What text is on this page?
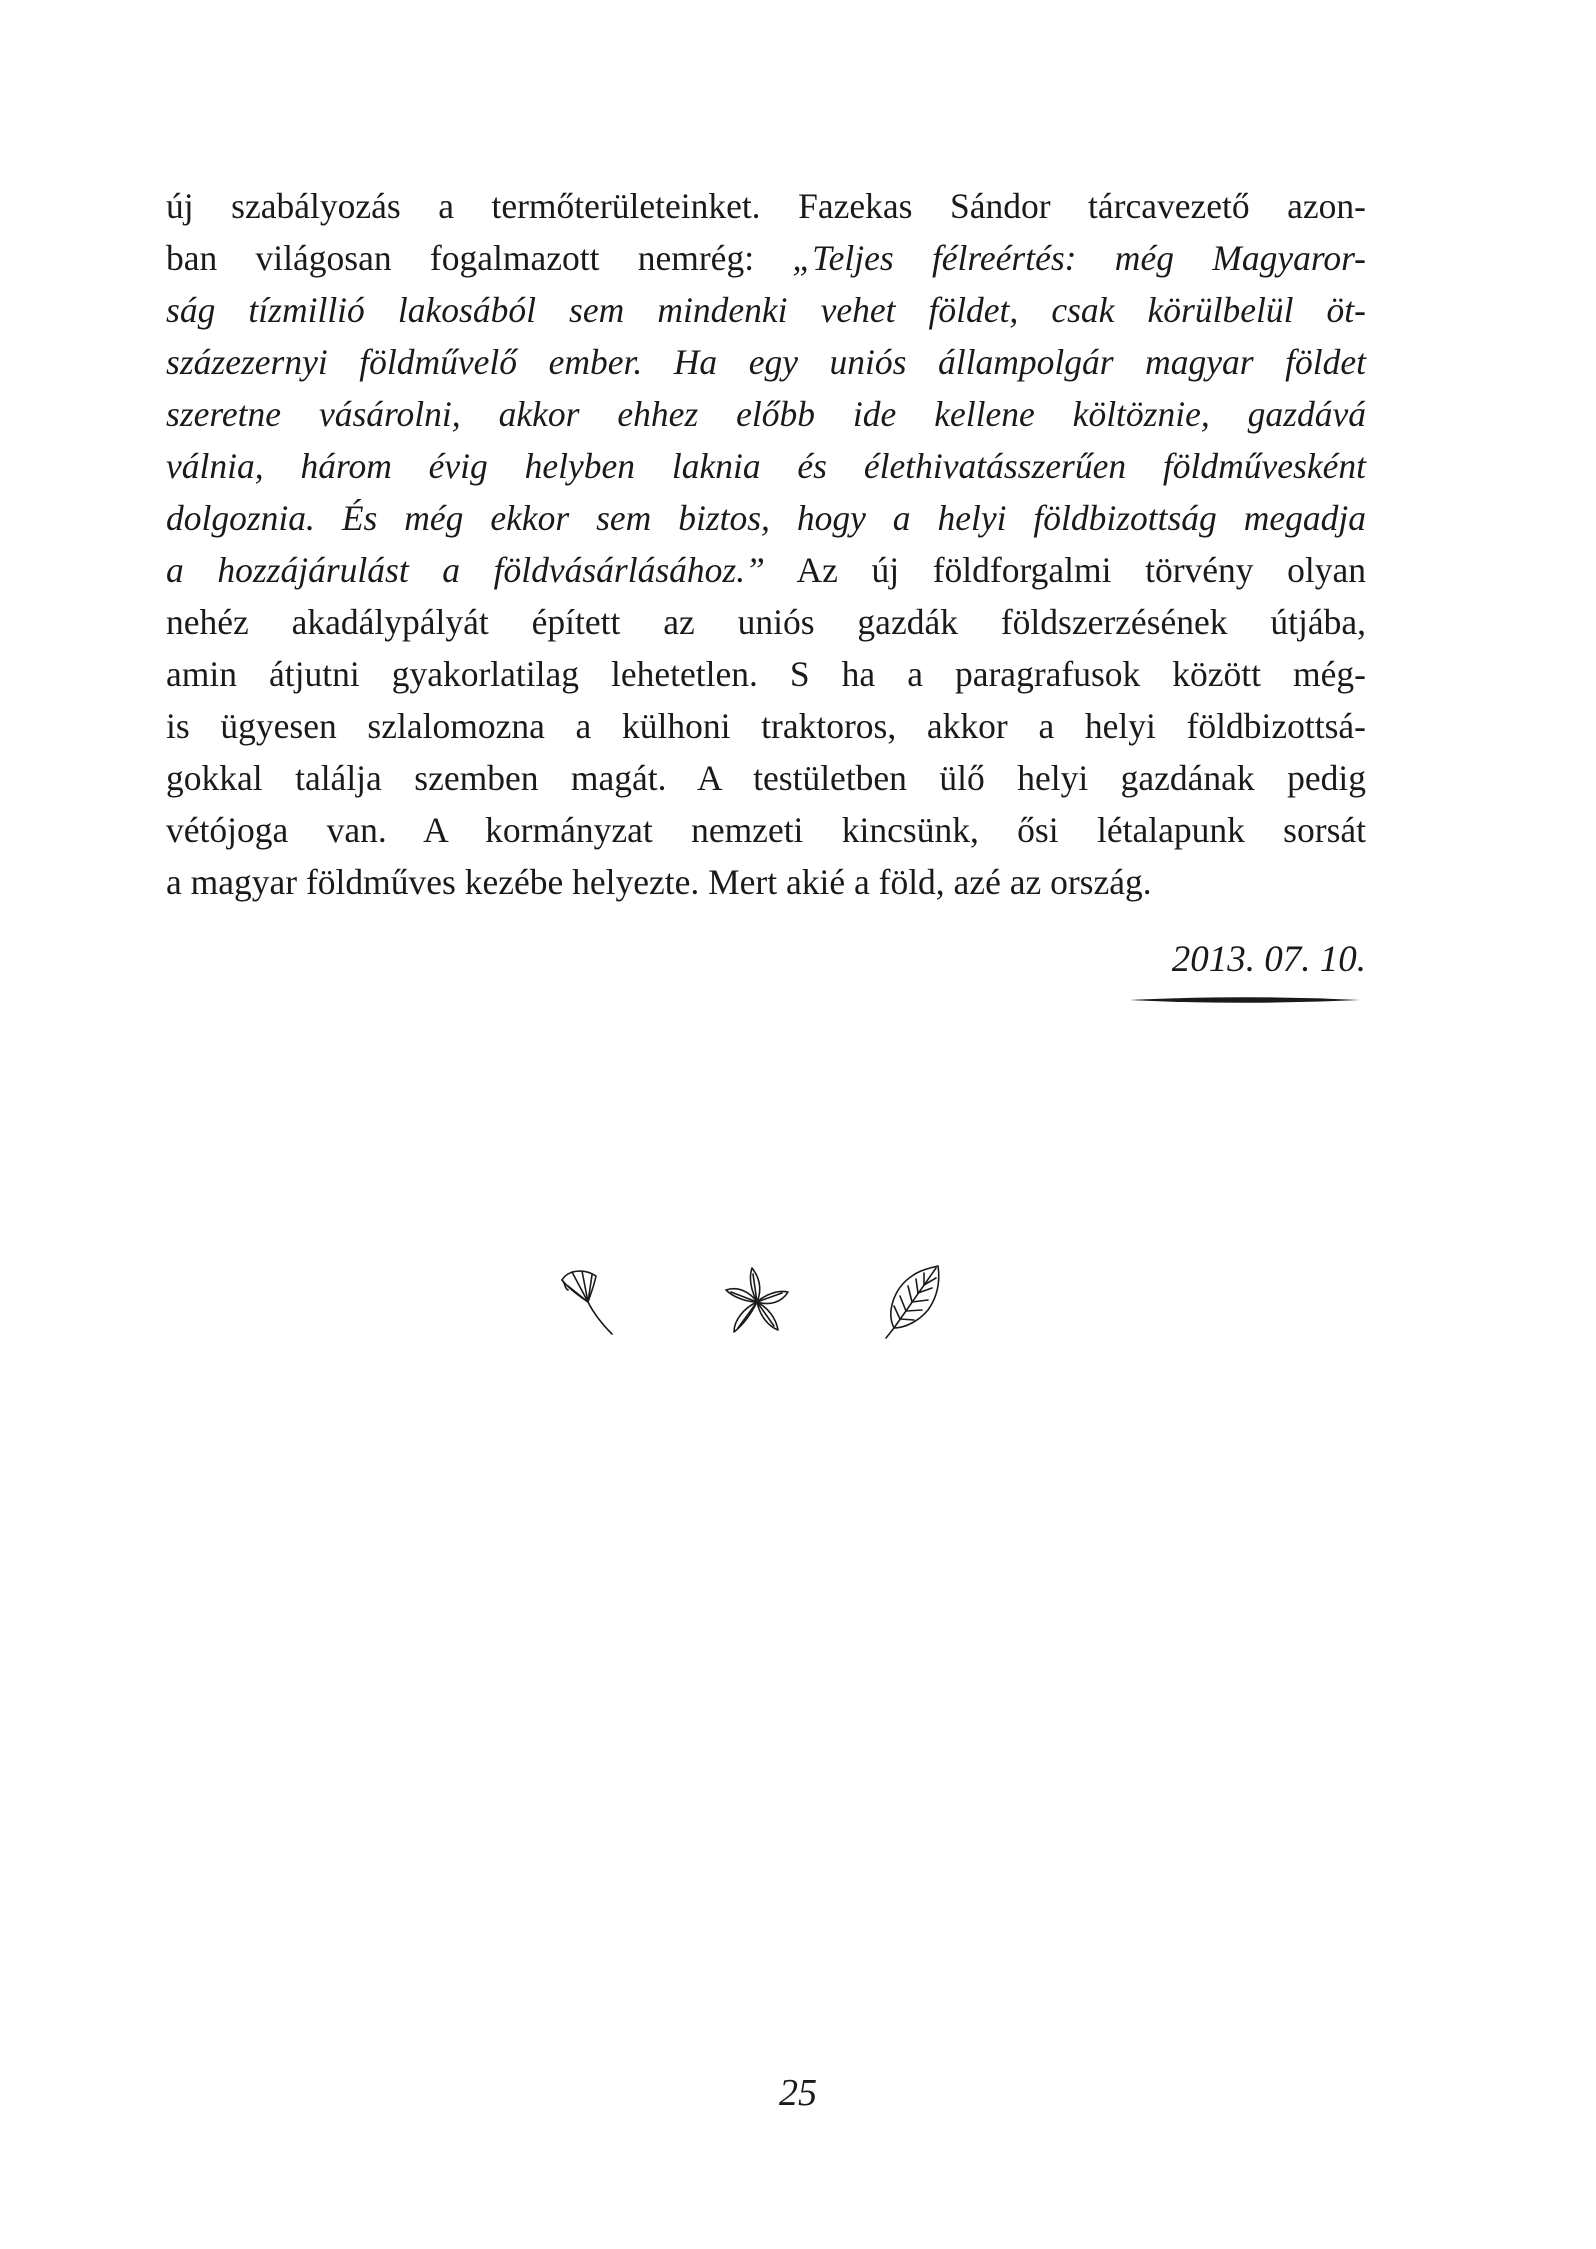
új szabályozás a termőterületeinket. Fazekas Sándor tárcavezető azon-
ban világosan fogalmazott nemrég: „Teljes félreértés: még Magyaror-
ság tízmillió lakosából sem mindenki vehet földet, csak körülbelül öt-
százezernyi földművelő ember. Ha egy uniós állampolgár magyar földet
szeretne vásárolni, akkor ehhez előbb ide kellene költöznie, gazdává
válnia, három évig helyben laknia és élethivatásszerűen földművesként
dolgoznia. És még ekkor sem biztos, hogy a helyi földbizottság megadja
a hozzájárulást a földvásárlásához.” Az új földforgalmi törvény olyan
nehéz akadálypályát épített az uniós gazdák földszerzésének útjába,
amin átjutni gyakorlatilag lehetetlen. S ha a paragrafusok között még-
is ügyesen szlalomozna a külhoni traktoros, akkor a helyi földbizottsá-
gokkal találja szemben magát. A testületben ülő helyi gazdának pedig
vétójoga van. A kormányzat nemzeti kincsünk, ősi létalapunk sorsát
a magyar földműves kezébe helyezte. Mert akié a föld, azé az ország.
2013. 07. 10.
25
